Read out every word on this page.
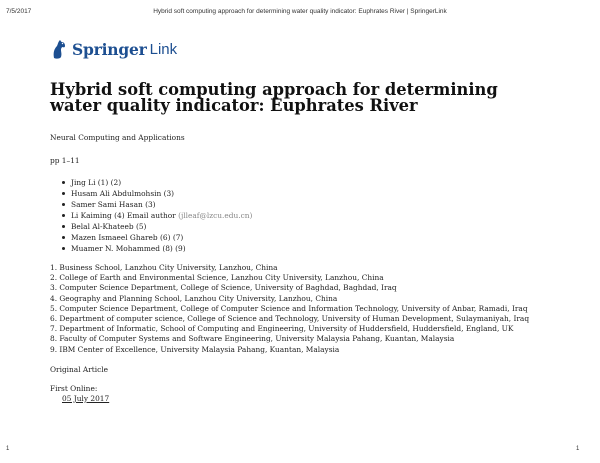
7/5/2017	Hybrid soft computing approach for determining water quality indicator: Euphrates River | SpringerLink
Springer Link
Hybrid soft computing approach for determining
water quality indicator: Euphrates River
Neural Computing and Applications
pp 1–11
Jing Li (1) (2)
Husam Ali Abdulmohsin (3)
Samer Sami Hasan (3)
Li Kaiming (4) Email author (jlleaf@lzcu.edu.cn)
Belal Al-Khateeb (5)
Mazen Ismaeel Ghareb (6) (7)
Muamer N. Mohammed (8) (9)

1. Business School, Lanzhou City University, Lanzhou, China

2. College of Earth and Environmental Science, Lanzhou City University, Lanzhou, China

3. Computer Science Department, College of Science, University of Baghdad, Baghdad, Iraq

4. Geography and Planning School, Lanzhou City University, Lanzhou, China

5. Computer Science Department, College of Computer Science and Information Technology, University of Anbar, Ramadi, Iraq

6. Department of computer science, College of Science and Technology, University of Human Development, Sulaymaniyah, Iraq

7. Department of Informatic, School of Computing and Engineering, University of Huddersfield, Huddersfield, England, UK

8. Faculty of Computer Systems and Software Engineering, University Malaysia Pahang, Kuantan, Malaysia

9. IBM Center of Excellence, University Malaysia Pahang, Kuantan, Malaysia

Original Article
First Online:
05 July 2017
1	1
